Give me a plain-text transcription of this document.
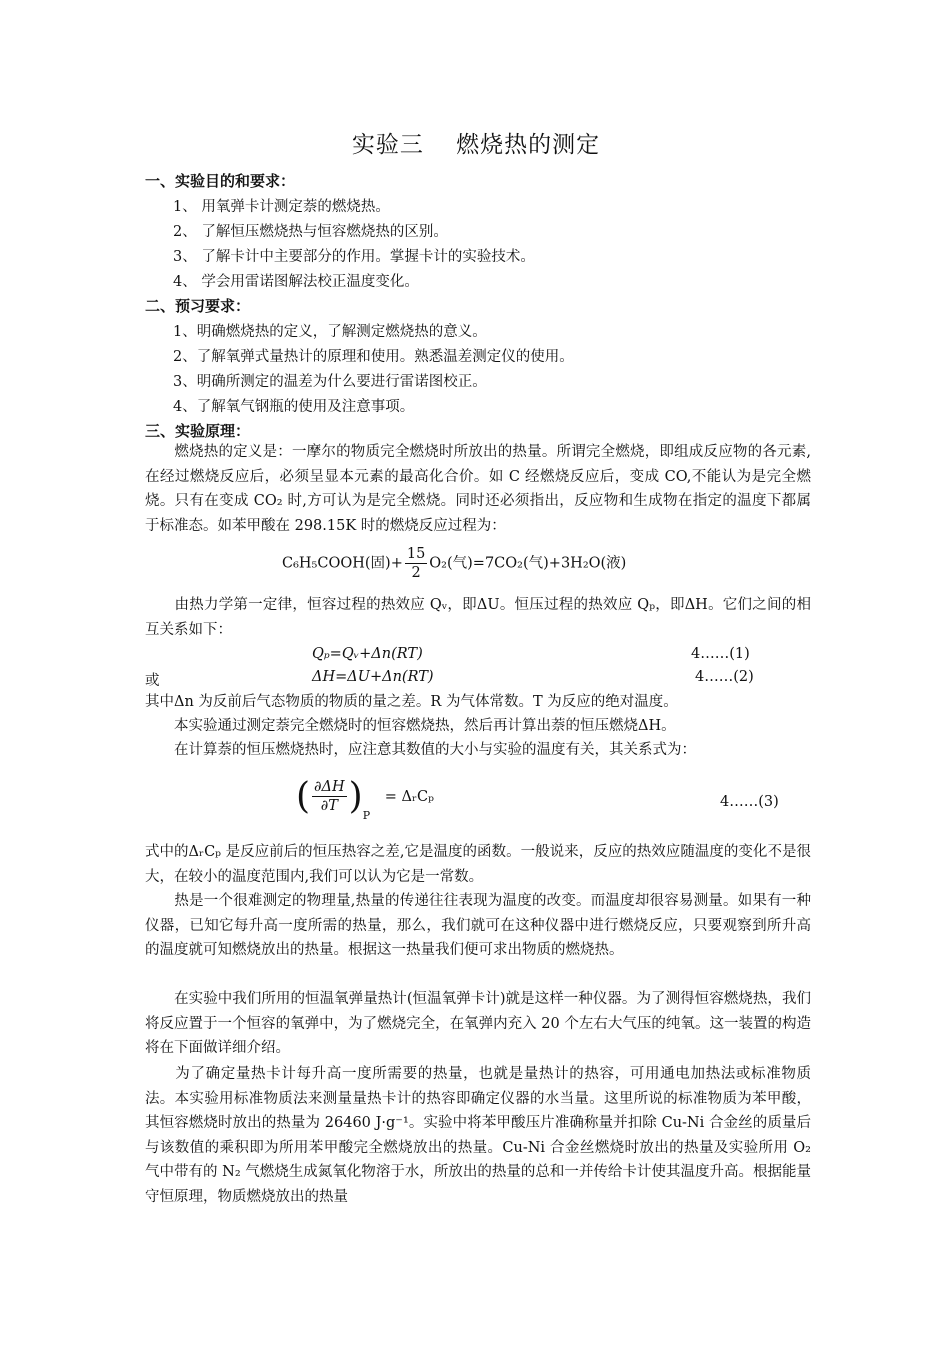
实验三　 燃烧热的测定
一、实验目的和要求：
1、 用氧弹卡计测定萘的燃烧热。
2、 了解恒压燃烧热与恒容燃烧热的区别。
3、 了解卡计中主要部分的作用。掌握卡计的实验技术。
4、 学会用雷诺图解法校正温度变化。
二、预习要求：
1、明确燃烧热的定义，了解测定燃烧热的意义。
2、了解氧弹式量热计的原理和使用。熟悉温差测定仪的使用。
3、明确所测定的温差为什么要进行雷诺图校正。
4、了解氧气钢瓶的使用及注意事项。
三、实验原理：

　　燃烧热的定义是：一摩尔的物质完全燃烧时所放出的热量。所谓完全燃烧，即组成反应物的各元素,在经过燃烧反应后，必须呈显本元素的最高化合价。如 C 经燃烧反应后，变成 CO,不能认为是完全燃烧。只有在变成 CO₂ 时,方可认为是完全燃烧。同时还必须指出，反应物和生成物在指定的温度下都属于标准态。如苯甲酸在 298.15K 时的燃烧反应过程为：

C₆H₅COOH(固)+ $\frac{15}{2} O_2$(气)=7CO₂(气)+3H₂O(液)

　　由热力学第一定律，恒容过程的热效应 Qᵥ，即ΔU。恒压过程的热效应 Qₚ，即ΔH。它们之间的相互关系如下：

Qₚ=Qᵥ+Δn(RT)	4……(1)
或	ΔH=ΔU+Δn(RT)	4……(2)

其中Δn 为反前后气态物质的物质的量之差。R 为气体常数。T 为反应的绝对温度。

　　本实验通过测定萘完全燃烧时的恒容燃烧热，然后再计算出萘的恒压燃烧ΔH。

　　在计算萘的恒压燃烧热时，应注意其数值的大小与实验的温度有关，其关系式为：

( $\frac{\partial\Delta H}{\partial T} )_P$ = ΔᵣCₚ	4……(3)

式中的ΔᵣCₚ 是反应前后的恒压热容之差,它是温度的函数。一般说来，反应的热效应随温度的变化不是很大，在较小的温度范围内,我们可以认为它是一常数。

　　热是一个很难测定的物理量,热量的传递往往表现为温度的改变。而温度却很容易测量。如果有一种仪器，已知它每升高一度所需的热量，那么，我们就可在这种仪器中进行燃烧反应，只要观察到所升高的温度就可知燃烧放出的热量。根据这一热量我们便可求出物质的燃烧热。

　　在实验中我们所用的恒温氧弹量热计(恒温氧弹卡计)就是这样一种仪器。为了测得恒容燃烧热，我们将反应置于一个恒容的氧弹中，为了燃烧完全，在氧弹内充入 20 个左右大气压的纯氧。这一装置的构造将在下面做详细介绍。

　　为了确定量热卡计每升高一度所需要的热量，也就是量热计的热容，可用通电加热法或标准物质法。本实验用标准物质法来测量量热卡计的热容即确定仪器的水当量。这里所说的标准物质为苯甲酸，其恒容燃烧时放出的热量为 26460 J·g⁻¹。实验中将苯甲酸压片准确称量并扣除 Cu-Ni 合金丝的质量后与该数值的乘积即为所用苯甲酸完全燃烧放出的热量。Cu-Ni 合金丝燃烧时放出的热量及实验所用 O₂ 气中带有的 N₂ 气燃烧生成氮氧化物溶于水，所放出的热量的总和一并传给卡计使其温度升高。根据能量守恒原理，物质燃烧放出的热量
